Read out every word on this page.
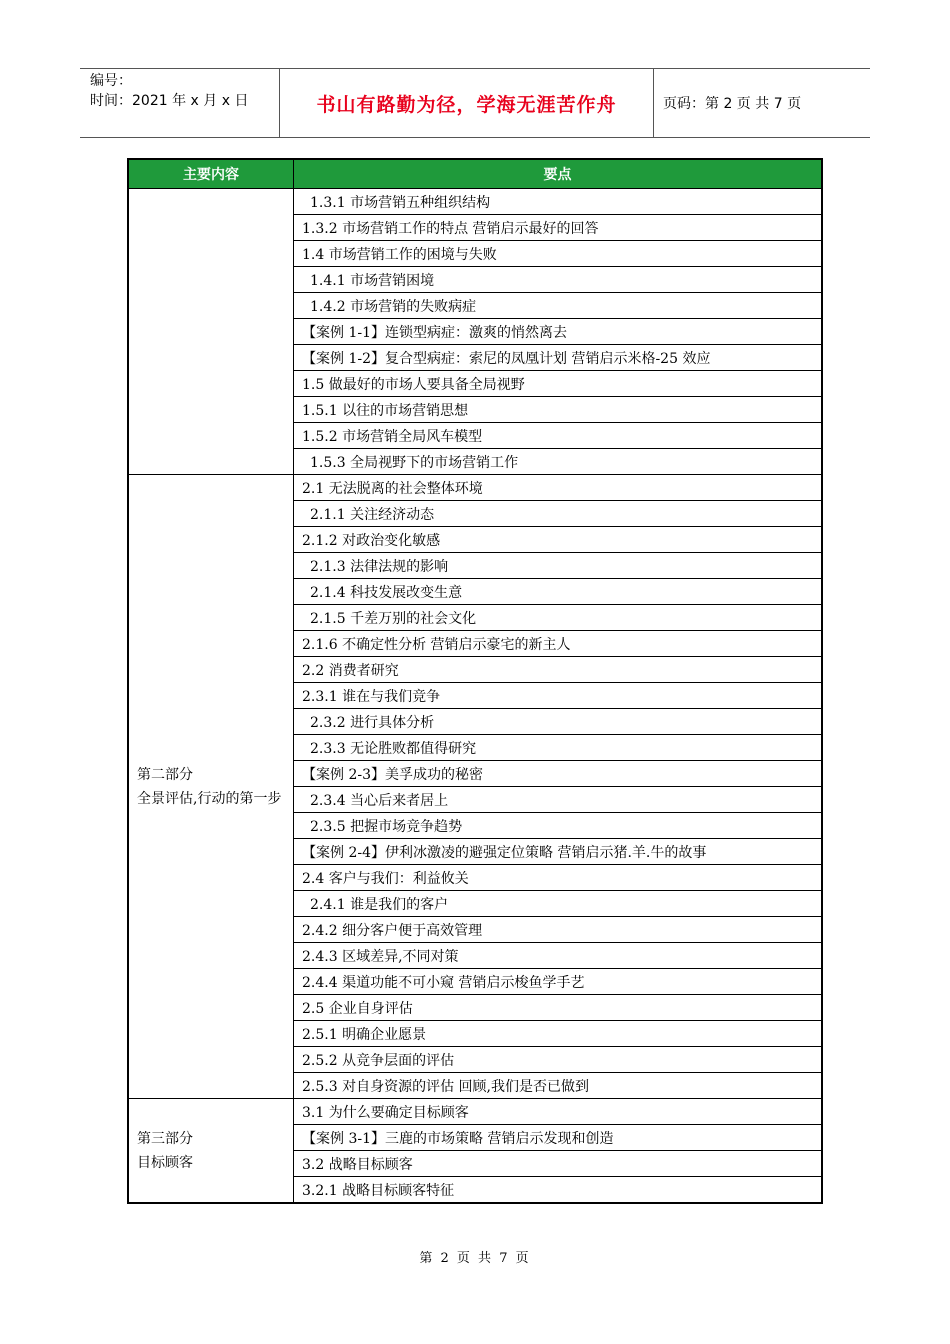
编号：
时间：2021 年 x 月 x 日	书山有路勤为径，学海无涯苦作舟	页码：第 2 页 共 7 页
主要内容	要点
	1.3.1 市场营销五种组织结构
	1.3.2 市场营销工作的特点 营销启示最好的回答
	1.4 市场营销工作的困境与失败
	1.4.1 市场营销困境
	1.4.2 市场营销的失败病症
	【案例 1-1】连锁型病症：激爽的悄然离去
	【案例 1-2】复合型病症：索尼的凤凰计划 营销启示米格-25 效应
	1.5 做最好的市场人要具备全局视野
	1.5.1 以往的市场营销思想
	1.5.2 市场营销全局风车模型
	1.5.3 全局视野下的市场营销工作
第二部分
全景评估,行动的第一步	2.1 无法脱离的社会整体环境
	2.1.1 关注经济动态
	2.1.2 对政治变化敏感
	2.1.3 法律法规的影响
	2.1.4 科技发展改变生意
	2.1.5 千差万别的社会文化
	2.1.6 不确定性分析 营销启示豪宅的新主人
	2.2 消费者研究
	2.3.1 谁在与我们竞争
	2.3.2 进行具体分析
	2.3.3 无论胜败都值得研究
	【案例 2-3】美孚成功的秘密
	2.3.4 当心后来者居上
	2.3.5 把握市场竞争趋势
	【案例 2-4】伊利冰激凌的避强定位策略 营销启示猪.羊.牛的故事
	2.4 客户与我们：利益攸关
	2.4.1 谁是我们的客户
	2.4.2 细分客户便于高效管理
	2.4.3 区域差异,不同对策
	2.4.4 渠道功能不可小窥 营销启示梭鱼学手艺
	2.5 企业自身评估
	2.5.1 明确企业愿景
	2.5.2 从竞争层面的评估
	2.5.3 对自身资源的评估 回顾,我们是否已做到
第三部分
目标顾客	3.1 为什么要确定目标顾客
	【案例 3-1】三鹿的市场策略 营销启示发现和创造
	3.2 战略目标顾客
	3.2.1 战略目标顾客特征
第 2 页 共 7 页
